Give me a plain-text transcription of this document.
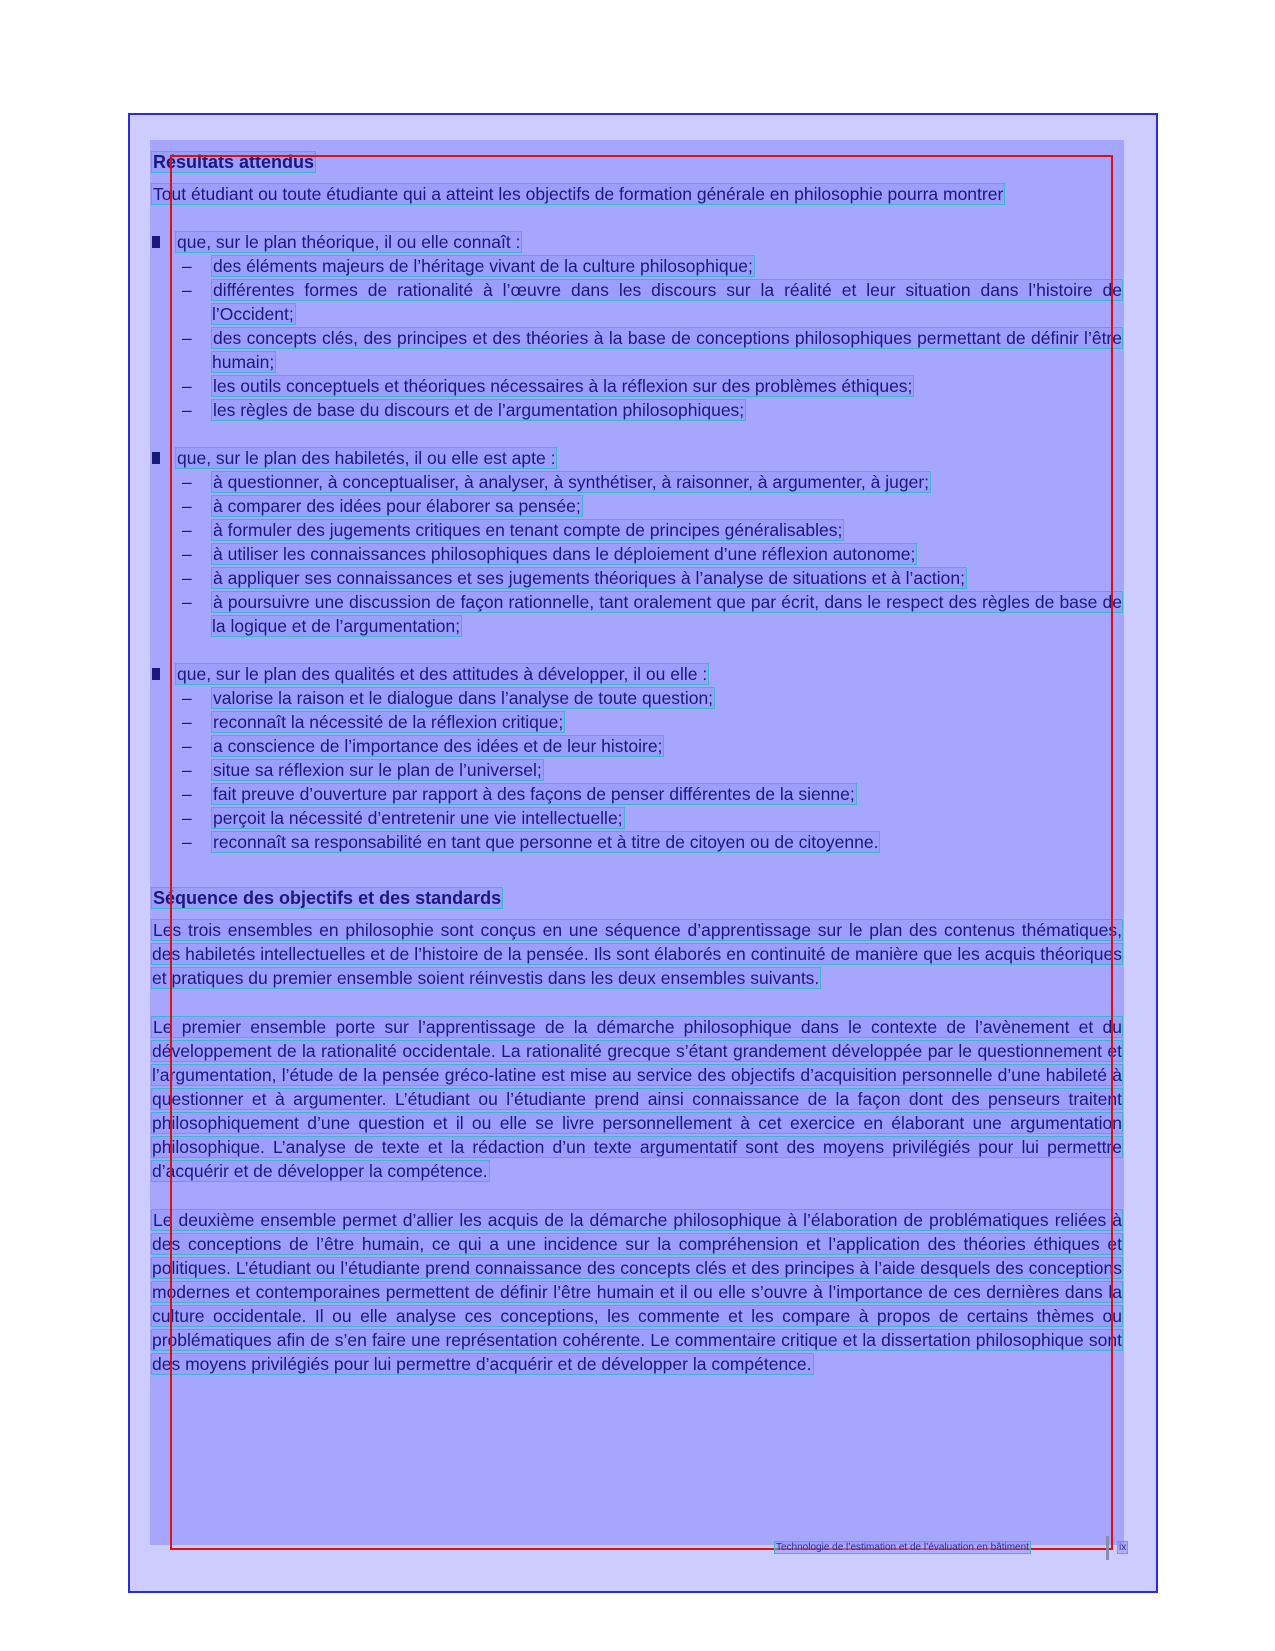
Résultats attendus

Tout étudiant ou toute étudiante qui a atteint les objectifs de formation générale en philosophie pourra montrer

que, sur le plan théorique, il ou elle connaît :
– des éléments majeurs de l’héritage vivant de la culture philosophique;
– différentes formes de rationalité à l’œuvre dans les discours sur la réalité et leur situation dans l’histoire de l’Occident;
– des concepts clés, des principes et des théories à la base de conceptions philosophiques permettant de définir l’être humain;
– les outils conceptuels et théoriques nécessaires à la réflexion sur des problèmes éthiques;
– les règles de base du discours et de l’argumentation philosophiques;
que, sur le plan des habiletés, il ou elle est apte :
– à questionner, à conceptualiser, à analyser, à synthétiser, à raisonner, à argumenter, à juger;
– à comparer des idées pour élaborer sa pensée;
– à formuler des jugements critiques en tenant compte de principes généralisables;
– à utiliser les connaissances philosophiques dans le déploiement d’une réflexion autonome;
– à appliquer ses connaissances et ses jugements théoriques à l’analyse de situations et à l’action;
– à poursuivre une discussion de façon rationnelle, tant oralement que par écrit, dans le respect des règles de base de la logique et de l’argumentation;
que, sur le plan des qualités et des attitudes à développer, il ou elle :
– valorise la raison et le dialogue dans l’analyse de toute question;
– reconnaît la nécessité de la réflexion critique;
– a conscience de l’importance des idées et de leur histoire;
– situe sa réflexion sur le plan de l’universel;
– fait preuve d’ouverture par rapport à des façons de penser différentes de la sienne;
– perçoit la nécessité d’entretenir une vie intellectuelle;
– reconnaît sa responsabilité en tant que personne et à titre de citoyen ou de citoyenne.
Séquence des objectifs et des standards

Les trois ensembles en philosophie sont conçus en une séquence d’apprentissage sur le plan des contenus thématiques, des habiletés intellectuelles et de l’histoire de la pensée. Ils sont élaborés en continuité de manière que les acquis théoriques et pratiques du premier ensemble soient réinvestis dans les deux ensembles suivants.

Le premier ensemble porte sur l’apprentissage de la démarche philosophique dans le contexte de l’avènement et du développement de la rationalité occidentale. La rationalité grecque s’étant grandement développée par le questionnement et l’argumentation, l’étude de la pensée gréco-latine est mise au service des objectifs d’acquisition personnelle d’une habileté à questionner et à argumenter. L’étudiant ou l’étudiante prend ainsi connaissance de la façon dont des penseurs traitent philosophiquement d’une question et il ou elle se livre personnellement à cet exercice en élaborant une argumentation philosophique. L’analyse de texte et la rédaction d’un texte argumentatif sont des moyens privilégiés pour lui permettre d’acquérir et de développer la compétence.

Le deuxième ensemble permet d’allier les acquis de la démarche philosophique à l’élaboration de problématiques reliées à des conceptions de l’être humain, ce qui a une incidence sur la compréhension et l’application des théories éthiques et politiques. L’étudiant ou l’étudiante prend connaissance des concepts clés et des principes à l’aide desquels des conceptions modernes et contemporaines permettent de définir l’être humain et il ou elle s’ouvre à l’importance de ces dernières dans la culture occidentale. Il ou elle analyse ces conceptions, les commente et les compare à propos de certains thèmes ou problématiques afin de s’en faire une représentation cohérente. Le commentaire critique et la dissertation philosophique sont des moyens privilégiés pour lui permettre d’acquérir et de développer la compétence.

Technologie de l’estimation et de l’évaluation en bâtiment	ix
